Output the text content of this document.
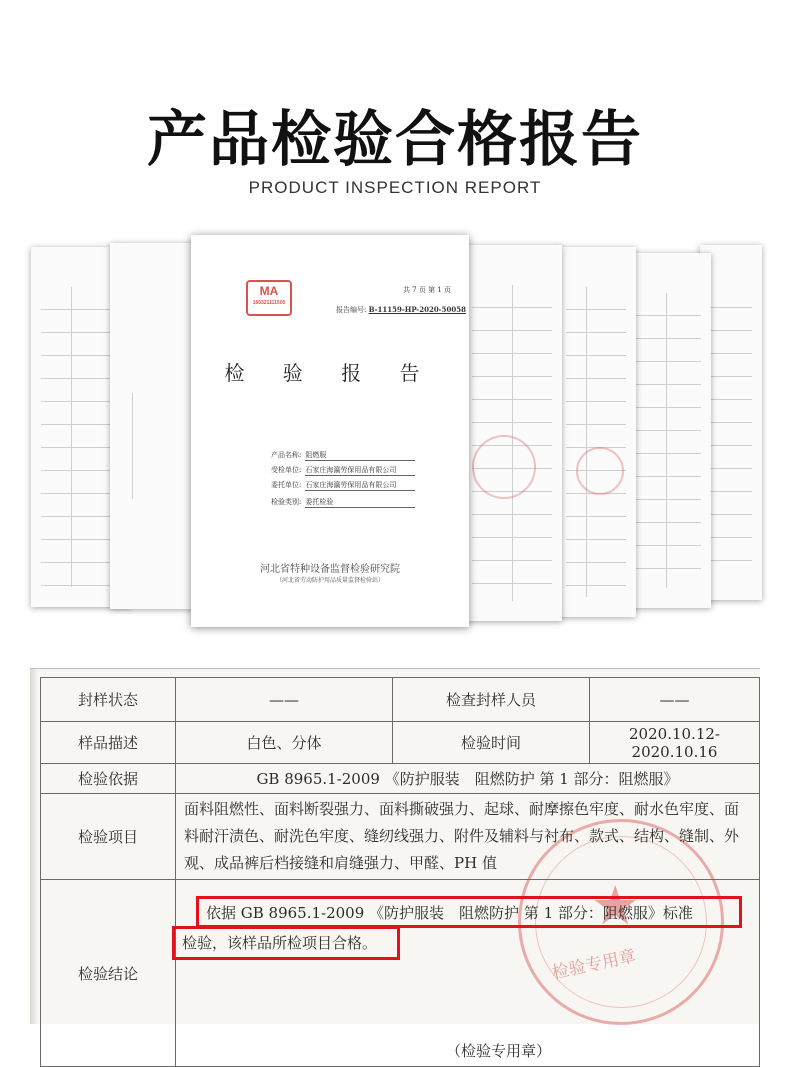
产品检验合格报告
PRODUCT INSPECTION REPORT
共 7 页 第 1 页
MA
160321111505
报告编号: B-11159-HP-2020-50058
检 验 报 告
产品名称: 阻燃服
受检单位: 石家庄海瀛劳保用品有限公司
委托单位: 石家庄海瀛劳保用品有限公司
检验类别: 委托检验
河北省特种设备监督检验研究院
（河北省劳动防护用品质量监督检验站）
★
检验专用章
封样状态	——	检查封样人员	——
样品描述	白色、分体	检验时间	2020.10.12-2020.10.16
检验依据	GB 8965.1-2009 《防护服装　阻燃防护 第 1 部分：阻燃服》		
检验项目	面料阻燃性、面料断裂强力、面料撕破强力、起球、耐摩擦色牢度、耐水色牢度、面料耐汗渍色、耐洗色牢度、缝纫线强力、附件及辅料与衬布、款式、结构、缝制、外观、成品裤后档接缝和肩缝强力、甲醛、PH 值		
检验结论	依据 GB 8965.1-2009 《防护服装　阻燃防护 第 1 部分：阻燃服》标准
检验，该样品所检项目合格。
（检验专用章）		
